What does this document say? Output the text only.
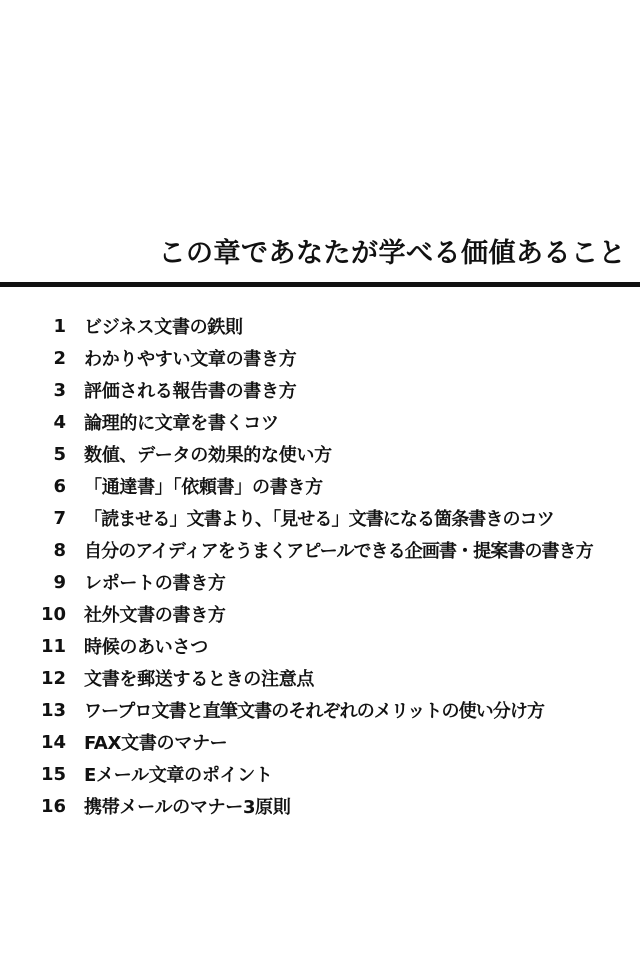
この章であなたが学べる価値あること
1 ビジネス文書の鉄則
2 わかりやすい文章の書き方
3 評価される報告書の書き方
4 論理的に文章を書くコツ
5 数値、データの効果的な使い方
6 「通達書」「依頼書」の書き方
7 「読ませる」文書より、「見せる」文書になる箇条書きのコツ
8 自分のアイディアをうまくアピールできる企画書・提案書の書き方
9 レポートの書き方
10 社外文書の書き方
11 時候のあいさつ
12 文書を郵送するときの注意点
13 ワープロ文書と直筆文書のそれぞれのメリットの使い分け方
14 FAX文書のマナー
15 Eメール文章のポイント
16 携帯メールのマナー3原則
